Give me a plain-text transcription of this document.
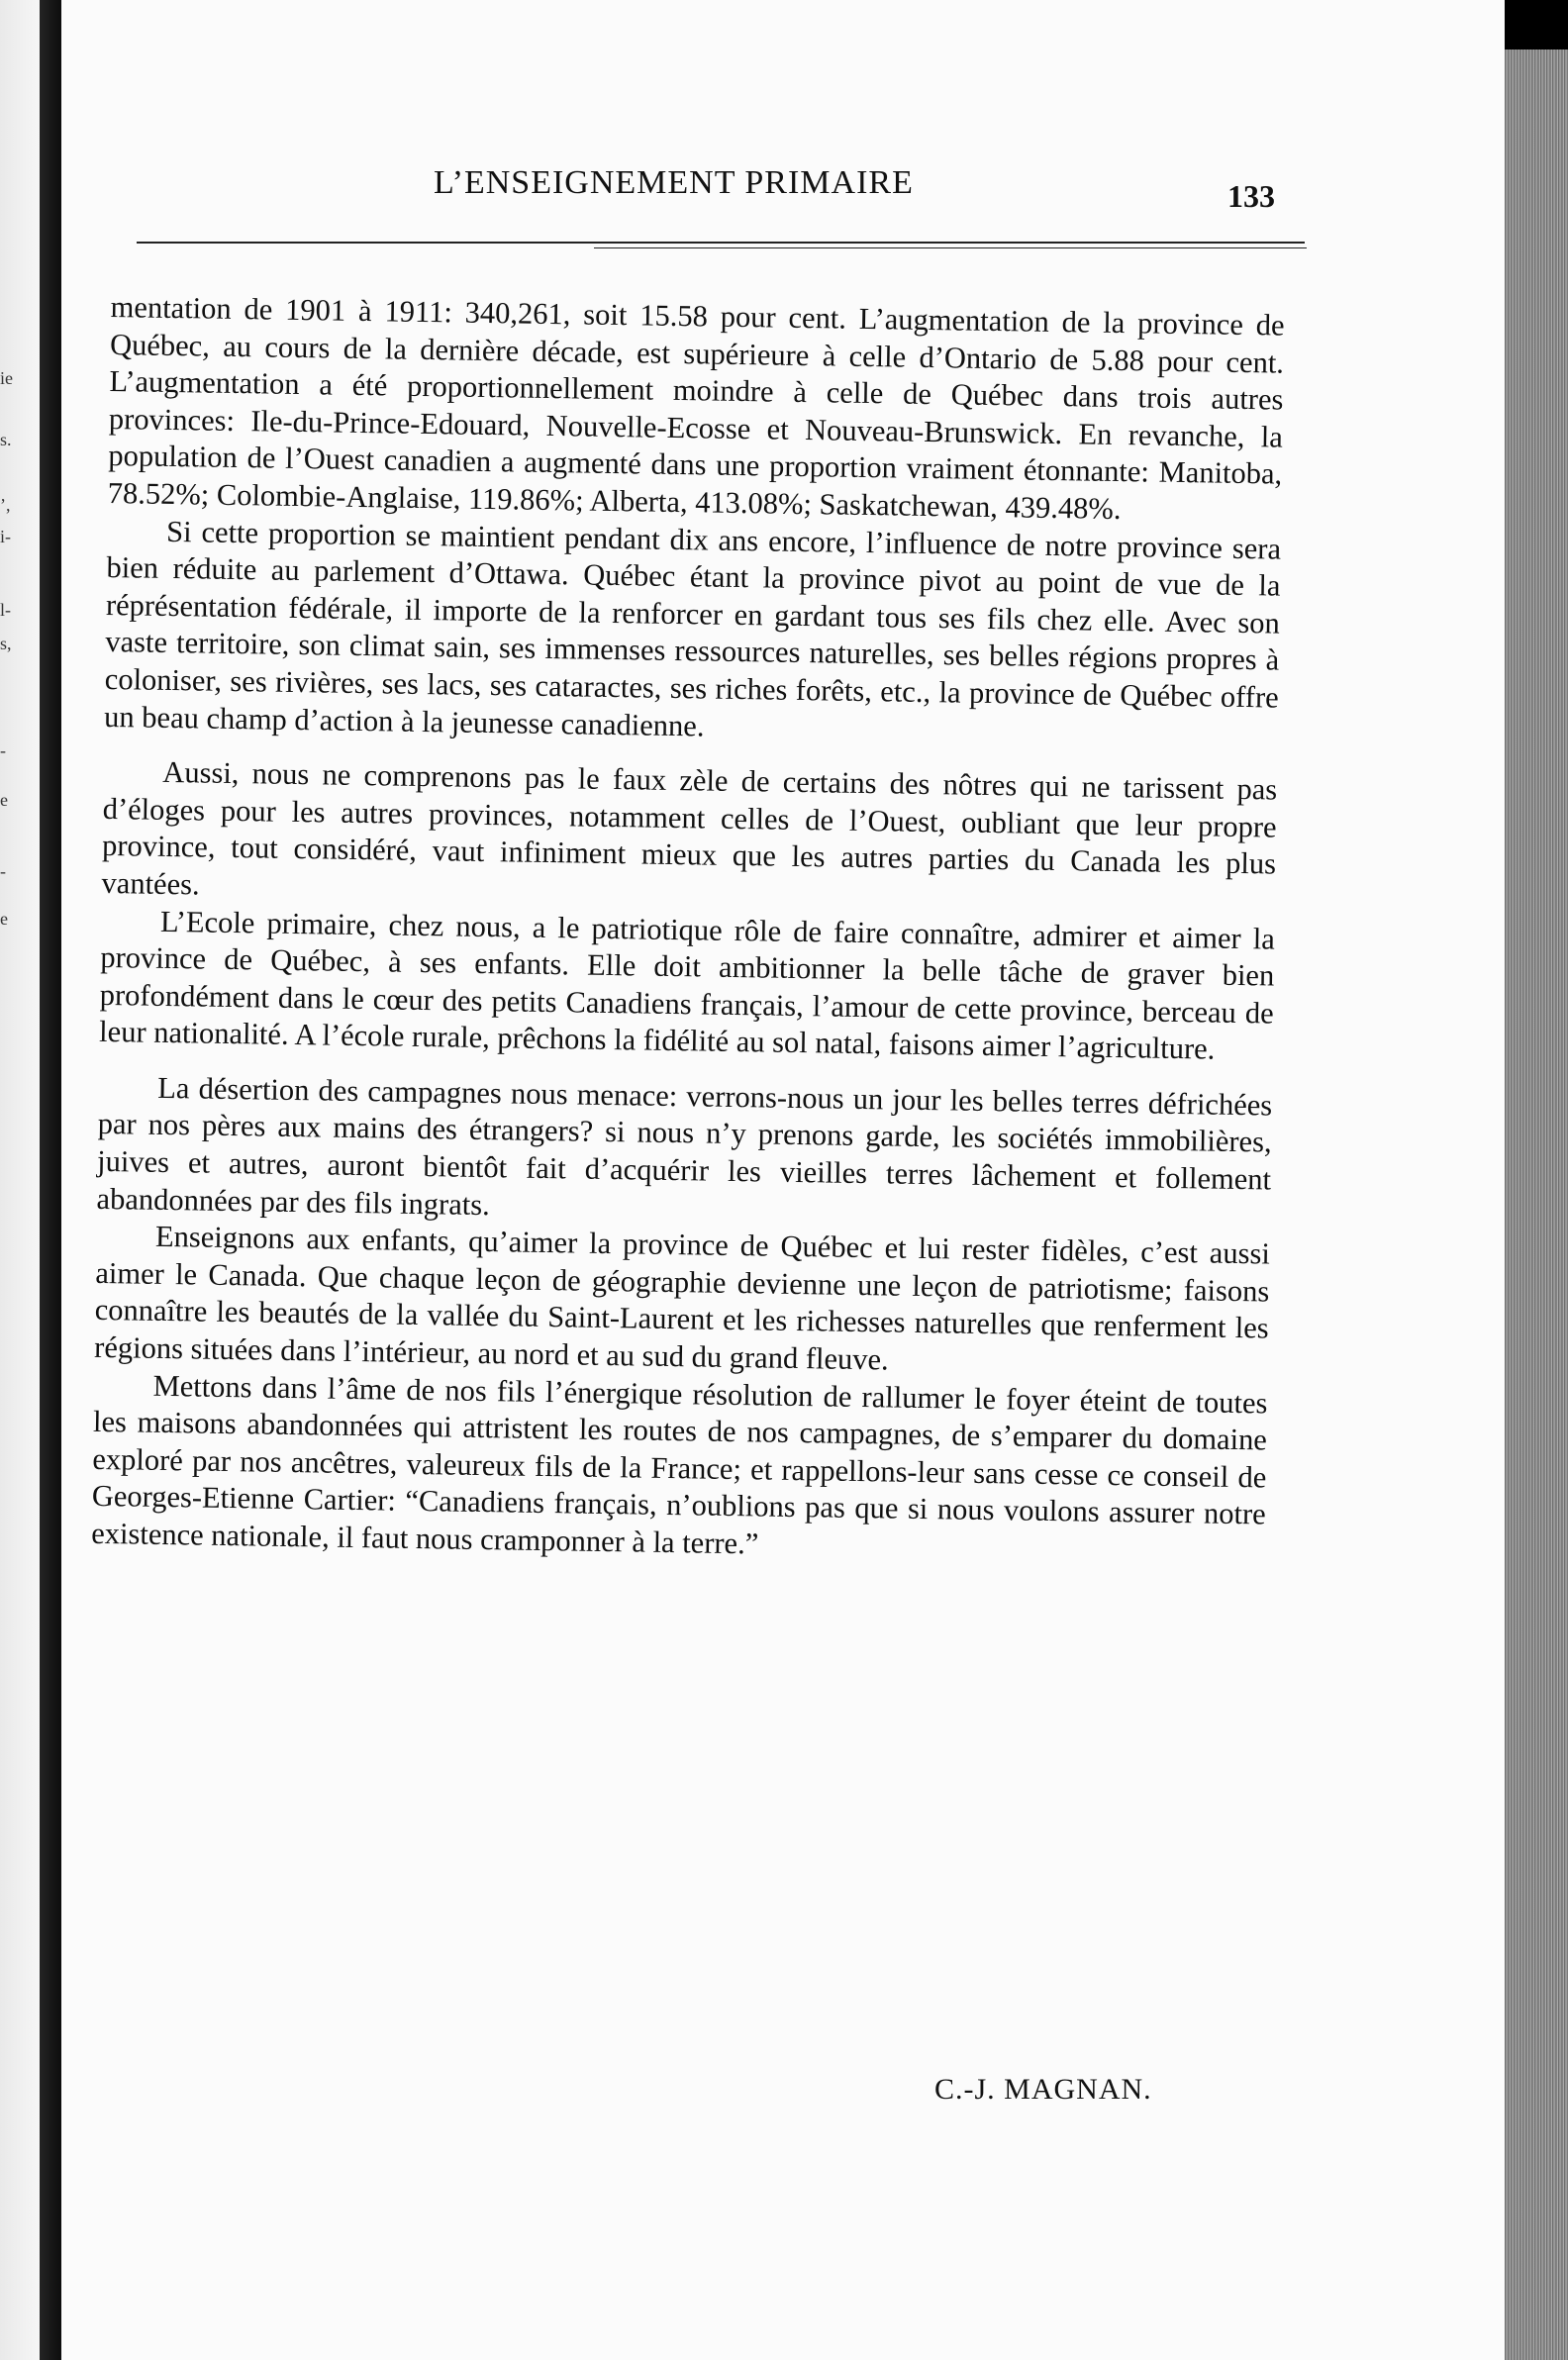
ie
s.
’,
i-
l-
s,
-
e
-
e
L’ENSEIGNEMENT PRIMAIRE	133

mentation de 1901 à 1911: 340,261, soit 15.58 pour cent. L’augmentation de la province de Québec, au cours de la dernière décade, est supérieure à celle d’Ontario de 5.88 pour cent. L’augmentation a été proportionnellement moindre à celle de Québec dans trois autres provinces: Ile-du-Prince-Edouard, Nouvelle-Ecosse et Nouveau-Brunswick. En revanche, la population de l’Ouest canadien a augmenté dans une proportion vraiment étonnante: Manitoba, 78.52%; Colombie-Anglaise, 119.86%; Alberta, 413.08%; Saskatchewan, 439.48%.

Si cette proportion se maintient pendant dix ans encore, l’influence de notre province sera bien réduite au parlement d’Ottawa. Québec étant la province pivot au point de vue de la réprésentation fédérale, il importe de la renforcer en gardant tous ses fils chez elle. Avec son vaste territoire, son climat sain, ses immenses ressources naturelles, ses belles régions propres à coloniser, ses rivières, ses lacs, ses cataractes, ses riches forêts, etc., la province de Québec offre un beau champ d’action à la jeunesse canadienne.

Aussi, nous ne comprenons pas le faux zèle de certains des nôtres qui ne tarissent pas d’éloges pour les autres provinces, notamment celles de l’Ouest, oubliant que leur propre province, tout considéré, vaut infiniment mieux que les autres parties du Canada les plus vantées.

L’Ecole primaire, chez nous, a le patriotique rôle de faire connaître, admirer et aimer la province de Québec, à ses enfants. Elle doit ambitionner la belle tâche de graver bien profondément dans le cœur des petits Canadiens français, l’amour de cette province, berceau de leur nationalité. A l’école rurale, prêchons la fidélité au sol natal, faisons aimer l’agriculture.

La désertion des campagnes nous menace: verrons-nous un jour les belles terres défrichées par nos pères aux mains des étrangers? si nous n’y prenons garde, les sociétés immobilières, juives et autres, auront bientôt fait d’acquérir les vieilles terres lâchement et follement abandonnées par des fils ingrats.

Enseignons aux enfants, qu’aimer la province de Québec et lui rester fidèles, c’est aussi aimer le Canada. Que chaque leçon de géographie devienne une leçon de patriotisme; faisons connaître les beautés de la vallée du Saint-Laurent et les richesses naturelles que renferment les régions situées dans l’intérieur, au nord et au sud du grand fleuve.

Mettons dans l’âme de nos fils l’énergique résolution de rallumer le foyer éteint de toutes les maisons abandonnées qui attristent les routes de nos campagnes, de s’emparer du domaine exploré par nos ancêtres, valeureux fils de la France; et rappellons-leur sans cesse ce conseil de Georges-Etienne Cartier: “Canadiens français, n’oublions pas que si nous voulons assurer notre existence nationale, il faut nous cramponner à la terre.”

C.-J. MAGNAN.
